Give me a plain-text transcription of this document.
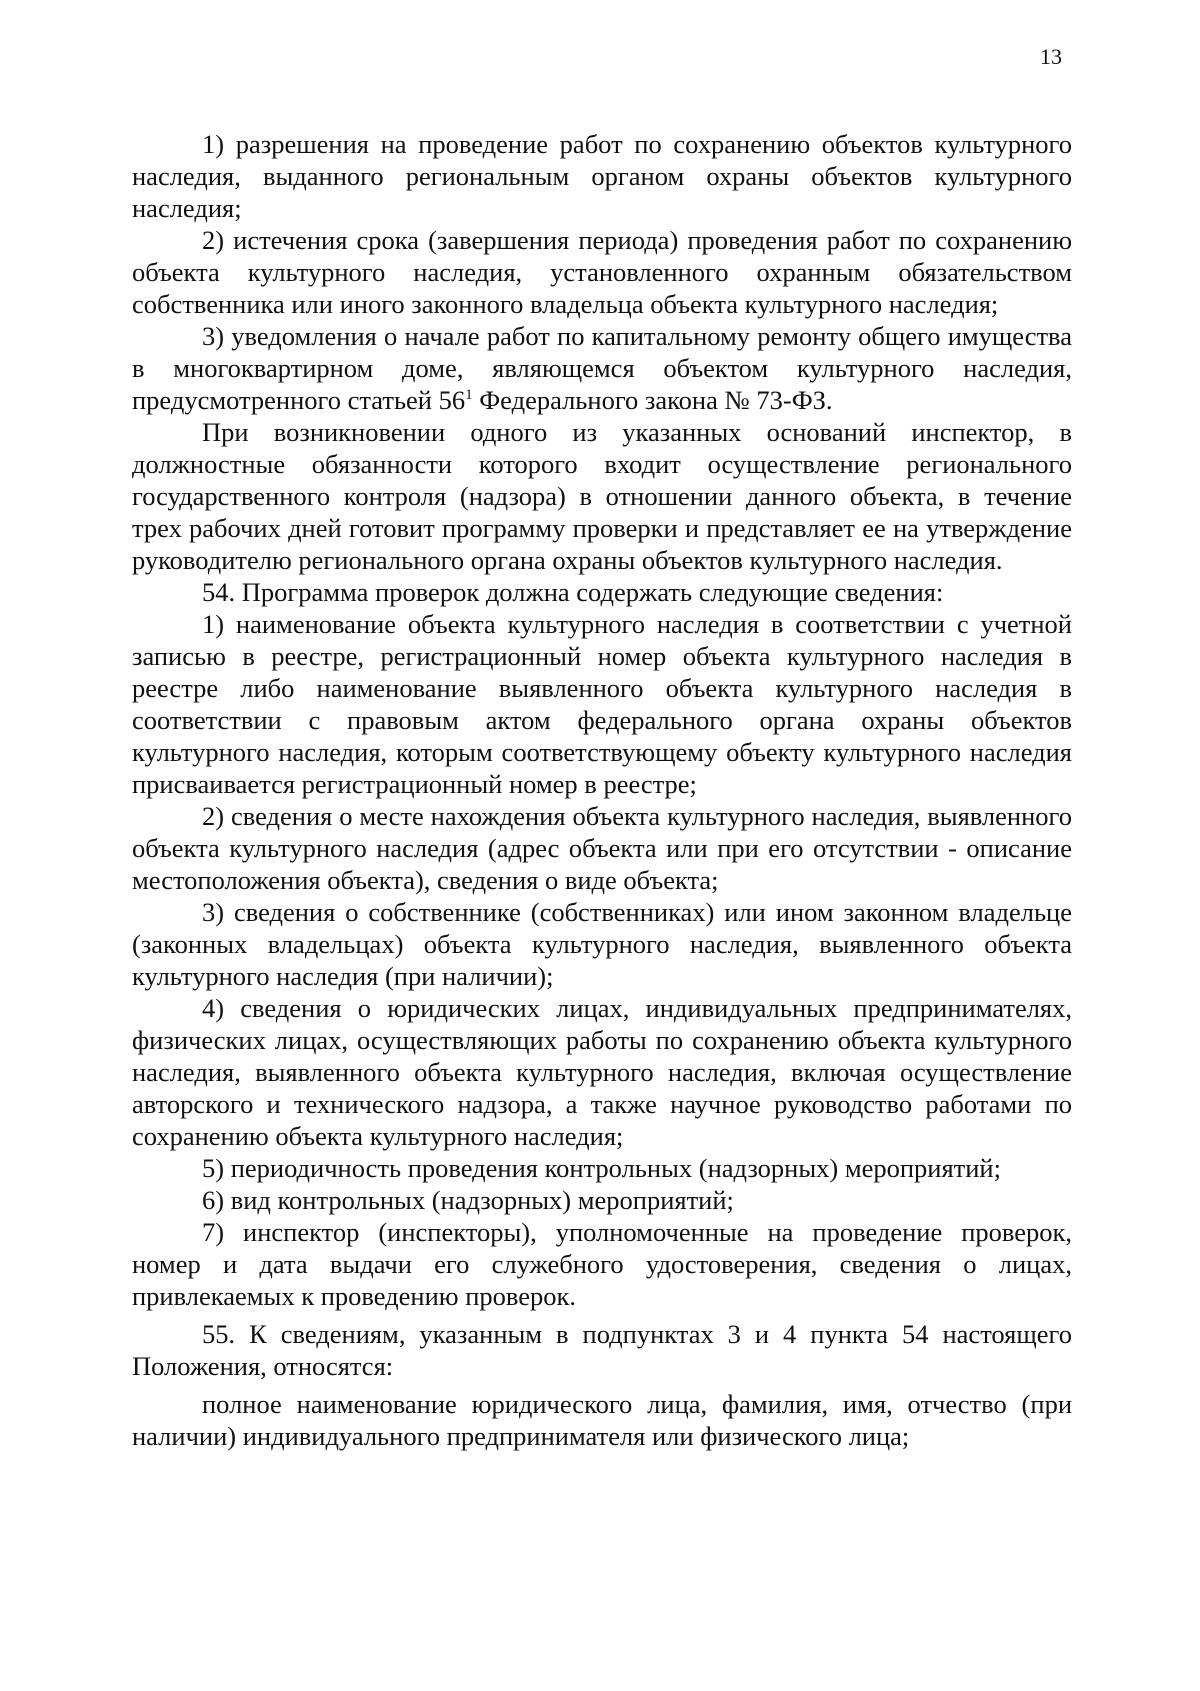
13

1) разрешения на проведение работ по сохранению объектов культурного наследия, выданного региональным органом охраны объектов культурного наследия;

2) истечения срока (завершения периода) проведения работ по сохранению объекта культурного наследия, установленного охранным обязательством собственника или иного законного владельца объекта культурного наследия;

3) уведомления о начале работ по капитальному ремонту общего имущества в многоквартирном доме, являющемся объектом культурного наследия, предусмотренного статьей $56^1$ Федерального закона № 73-ФЗ.

При возникновении одного из указанных оснований инспектор, в должностные обязанности которого входит осуществление регионального государственного контроля (надзора) в отношении данного объекта, в течение трех рабочих дней готовит программу проверки и представляет ее на утверждение руководителю регионального органа охраны объектов культурного наследия.

54. Программа проверок должна содержать следующие сведения:

1) наименование объекта культурного наследия в соответствии с учетной записью в реестре, регистрационный номер объекта культурного наследия в реестре либо наименование выявленного объекта культурного наследия в соответствии с правовым актом федерального органа охраны объектов культурного наследия, которым соответствующему объекту культурного наследия присваивается регистрационный номер в реестре;

2) сведения о месте нахождения объекта культурного наследия, выявленного объекта культурного наследия (адрес объекта или при его отсутствии - описание местоположения объекта), сведения о виде объекта;

3) сведения о собственнике (собственниках) или ином законном владельце (законных владельцах) объекта культурного наследия, выявленного объекта культурного наследия (при наличии);

4) сведения о юридических лицах, индивидуальных предпринимателях, физических лицах, осуществляющих работы по сохранению объекта культурного наследия, выявленного объекта культурного наследия, включая осуществление авторского и технического надзора, а также научное руководство работами по сохранению объекта культурного наследия;

5) периодичность проведения контрольных (надзорных) мероприятий;

6) вид контрольных (надзорных) мероприятий;

7) инспектор (инспекторы), уполномоченные на проведение проверок, номер и дата выдачи его служебного удостоверения, сведения о лицах, привлекаемых к проведению проверок.

55. К сведениям, указанным в подпунктах 3 и 4 пункта 54 настоящего Положения, относятся:

полное наименование юридического лица, фамилия, имя, отчество (при наличии) индивидуального предпринимателя или физического лица;
